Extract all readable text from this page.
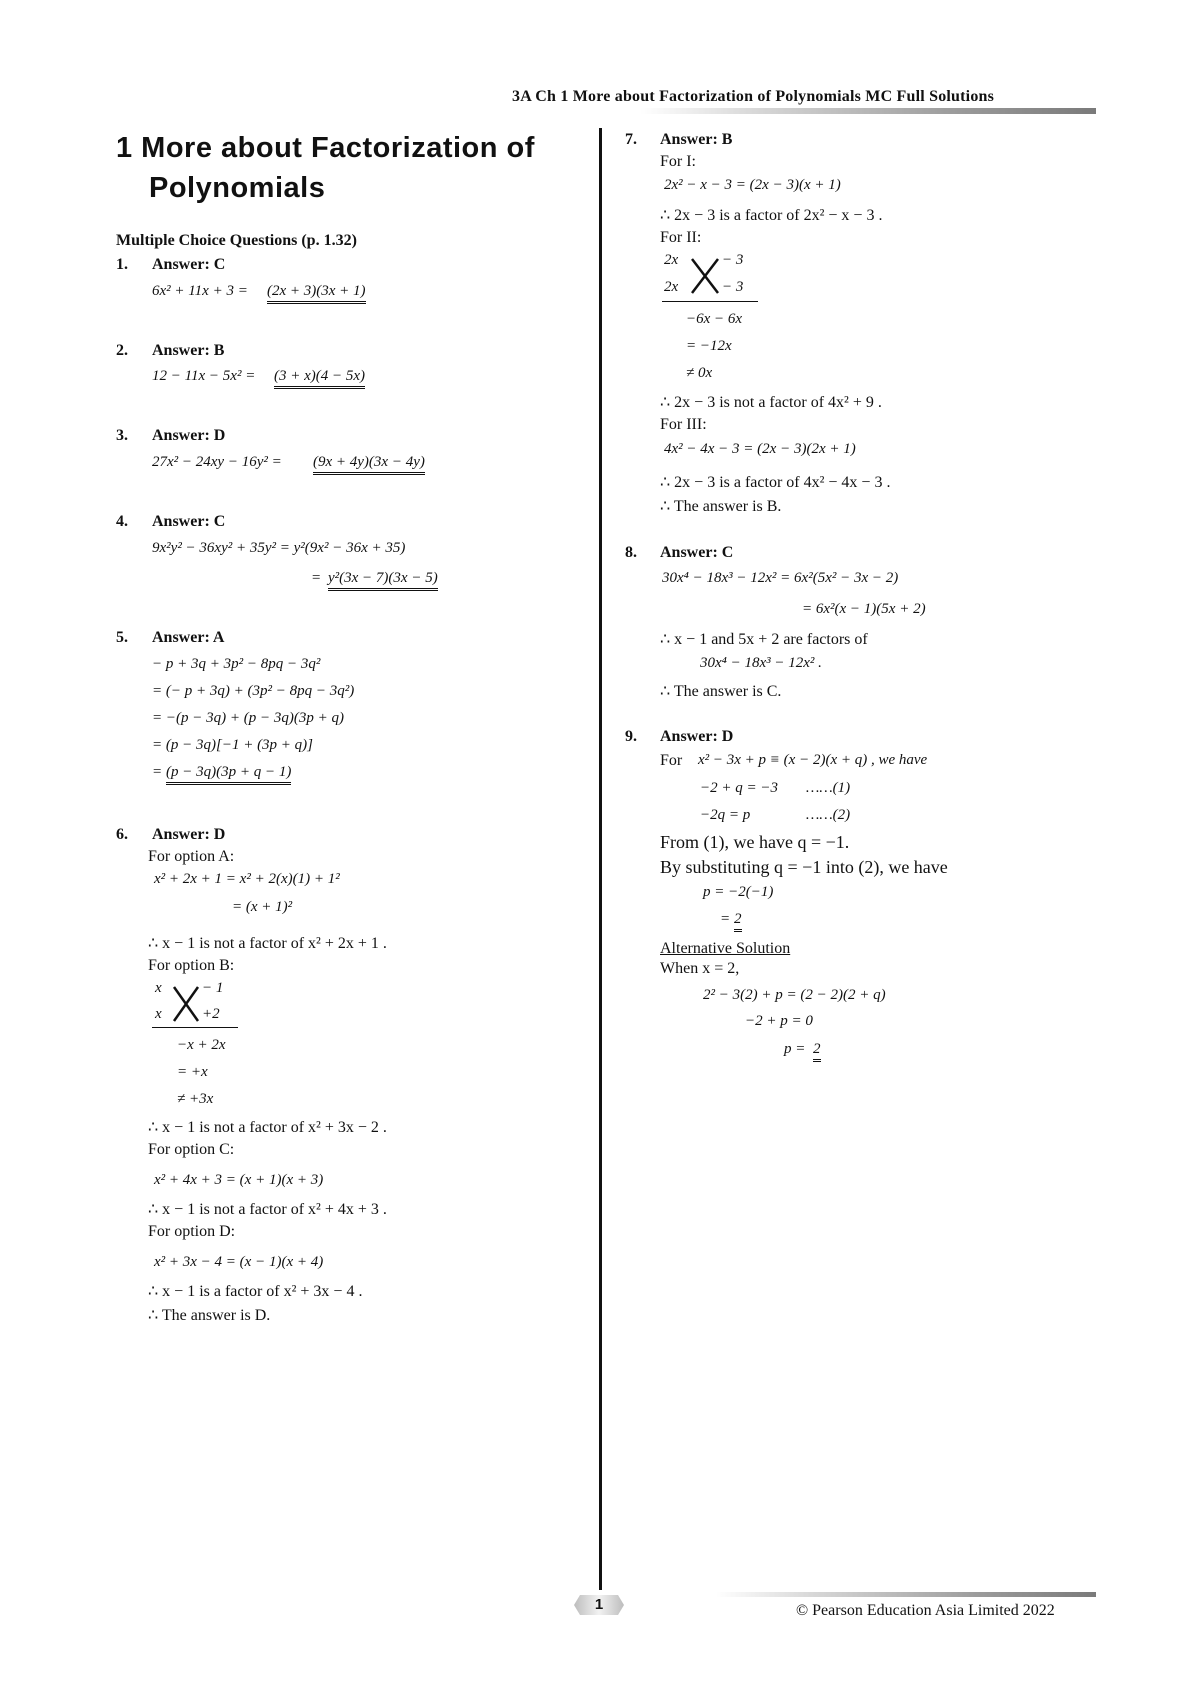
3A Ch 1 More about Factorization of Polynomials MC Full Solutions
1 More about Factorization of
Polynomials
Multiple Choice Questions (p. 1.32)
1. Answer: C
6x² + 11x + 3 = (2x + 3)(3x + 1)
2. Answer: B
12 − 11x − 5x² = (3 + x)(4 − 5x)
3. Answer: D
27x² − 24xy − 16y² = (9x + 4y)(3x − 4y)
4. Answer: C
9x²y² − 36xy² + 35y² = y²(9x² − 36x + 35)
= y²(3x − 7)(3x − 5)
5. Answer: A
− p + 3q + 3p² − 8pq − 3q²
= (− p + 3q) + (3p² − 8pq − 3q²)
= −(p − 3q) + (p − 3q)(3p + q)
= (p − 3q)[−1 + (3p + q)]
= (p − 3q)(3p + q − 1)
6. Answer: D
For option A:
x² + 2x + 1 = x² + 2(x)(1) + 1²
= (x + 1)²
∴ x − 1 is not a factor of x² + 2x + 1 .
For option B:
x	− 1
x	+2
−x + 2x
= +x
≠ +3x
∴ x − 1 is not a factor of x² + 3x − 2 .
For option C:
x² + 4x + 3 = (x + 1)(x + 3)
∴ x − 1 is not a factor of x² + 4x + 3 .
For option D:
x² + 3x − 4 = (x − 1)(x + 4)
∴ x − 1 is a factor of x² + 3x − 4 .
∴ The answer is D.
7. Answer: B
For I:
2x² − x − 3 = (2x − 3)(x + 1)
∴ 2x − 3 is a factor of 2x² − x − 3 .
For II:
2x	− 3
2x	− 3
−6x − 6x
= −12x
≠ 0x
∴ 2x − 3 is not a factor of 4x² + 9 .
For III:
4x² − 4x − 3 = (2x − 3)(2x + 1)
∴ 2x − 3 is a factor of 4x² − 4x − 3 .
∴ The answer is B.
8. Answer: C
30x⁴ − 18x³ − 12x² = 6x²(5x² − 3x − 2)
= 6x²(x − 1)(5x + 2)
∴ x − 1 and 5x + 2 are factors of
30x⁴ − 18x³ − 12x² .
∴ The answer is C.
9. Answer: D
For x² − 3x + p ≡ (x − 2)(x + q) , we have
−2 + q = −3 ……(1)
−2q = p	……(2)
From (1), we have q = −1.
By substituting q = −1 into (2), we have
p = −2(−1)
= 2
Alternative Solution
When x = 2,
2² − 3(2) + p = (2 − 2)(2 + q)
−2 + p = 0
p = 2
1	© Pearson Education Asia Limited 2022
